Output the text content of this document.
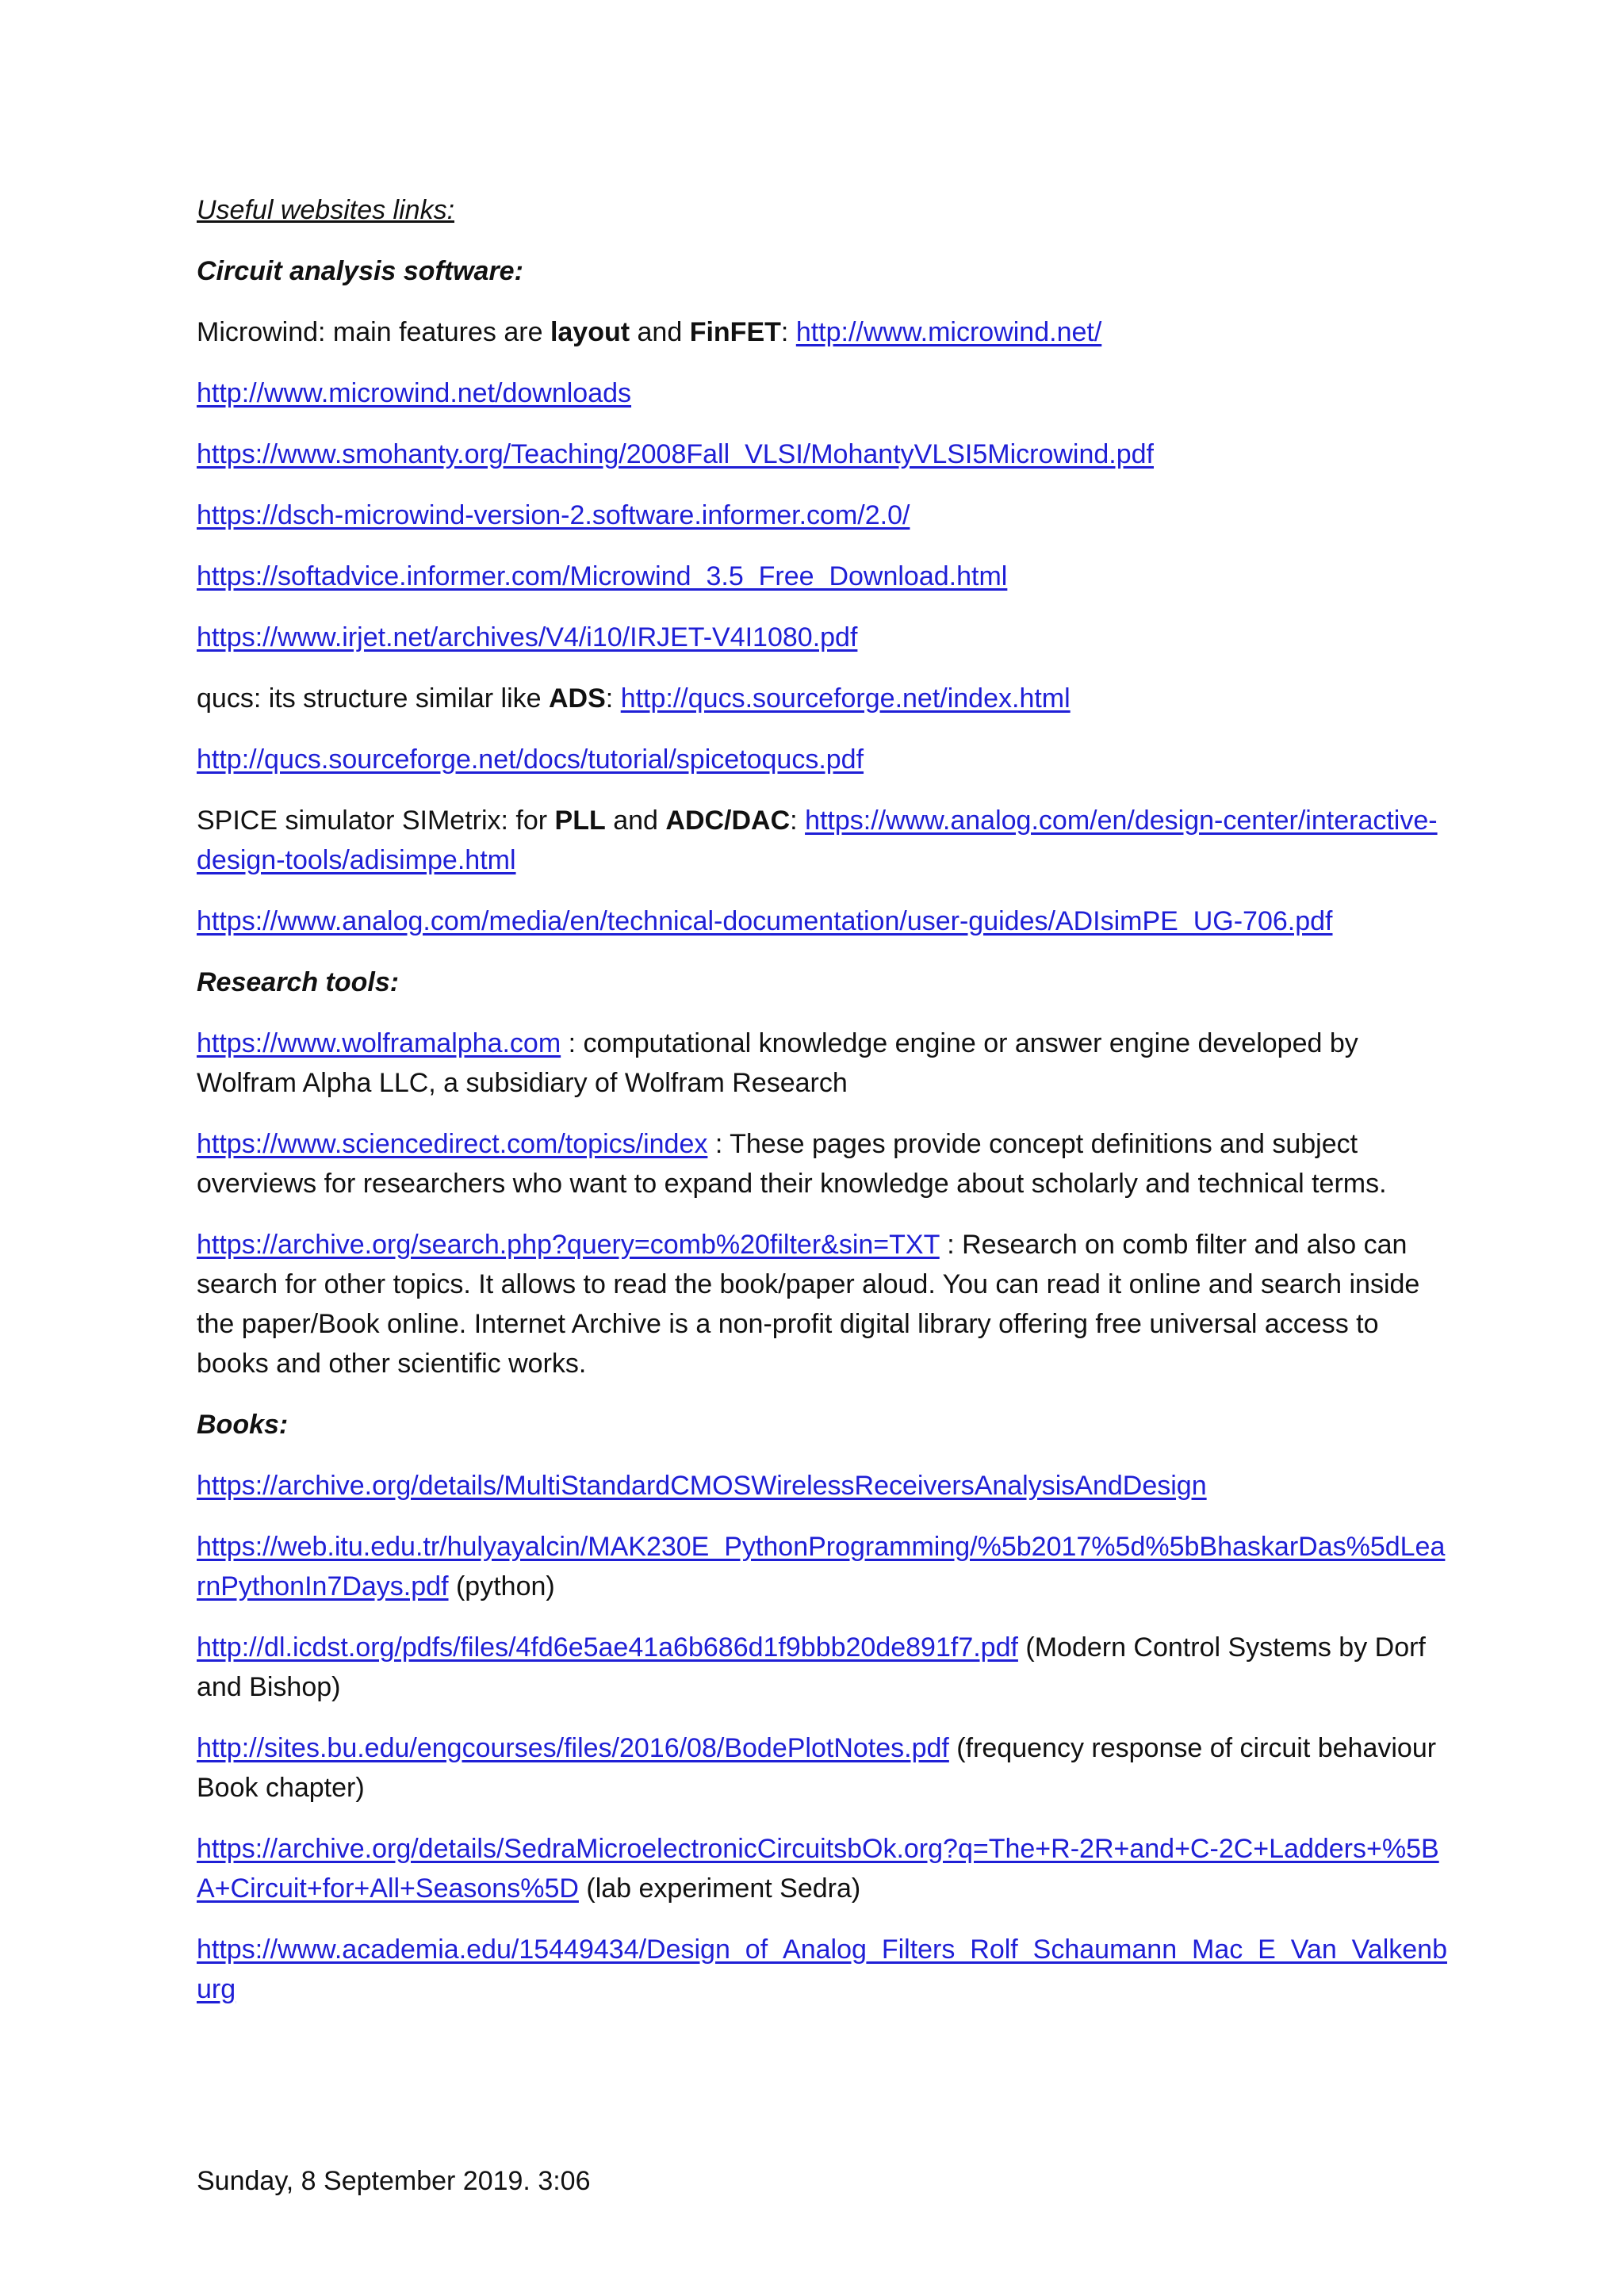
Useful websites links:

Circuit analysis software:

Microwind: main features are layout and FinFET: http://www.microwind.net/

http://www.microwind.net/downloads

https://www.smohanty.org/Teaching/2008Fall_VLSI/MohantyVLSI5Microwind.pdf

https://dsch-microwind-version-2.software.informer.com/2.0/

https://softadvice.informer.com/Microwind_3.5_Free_Download.html

https://www.irjet.net/archives/V4/i10/IRJET-V4I1080.pdf

qucs: its structure similar like ADS: http://qucs.sourceforge.net/index.html

http://qucs.sourceforge.net/docs/tutorial/spicetoqucs.pdf

SPICE simulator SIMetrix: for PLL and ADC/DAC: https://www.analog.com/en/design-center/interactive-design-tools/adisimpe.html

https://www.analog.com/media/en/technical-documentation/user-guides/ADIsimPE_UG-706.pdf

Research tools:

https://www.wolframalpha.com : computational knowledge engine or answer engine developed by Wolfram Alpha LLC, a subsidiary of Wolfram Research

https://www.sciencedirect.com/topics/index : These pages provide concept definitions and subject overviews for researchers who want to expand their knowledge about scholarly and technical terms.

https://archive.org/search.php?query=comb%20filter&sin=TXT : Research on comb filter and also can search for other topics. It allows to read the book/paper aloud. You can read it online and search inside the paper/Book online. Internet Archive is a non-profit digital library offering free universal access to books and other scientific works.

Books:

https://archive.org/details/MultiStandardCMOSWirelessReceiversAnalysisAndDesign

https://web.itu.edu.tr/hulyayalcin/MAK230E_PythonProgramming/%5b2017%5d%5bBhaskarDas%5dLearnPythonIn7Days.pdf (python)

http://dl.icdst.org/pdfs/files/4fd6e5ae41a6b686d1f9bbb20de891f7.pdf (Modern Control Systems by Dorf and Bishop)

http://sites.bu.edu/engcourses/files/2016/08/BodePlotNotes.pdf (frequency response of circuit behaviour Book chapter)

https://archive.org/details/SedraMicroelectronicCircuitsbOk.org?q=The+R-2R+and+C-2C+Ladders+%5BA+Circuit+for+All+Seasons%5D (lab experiment Sedra)

https://www.academia.edu/15449434/Design_of_Analog_Filters_Rolf_Schaumann_Mac_E_Van_Valkenburg

Sunday, 8 September 2019. 3:06
